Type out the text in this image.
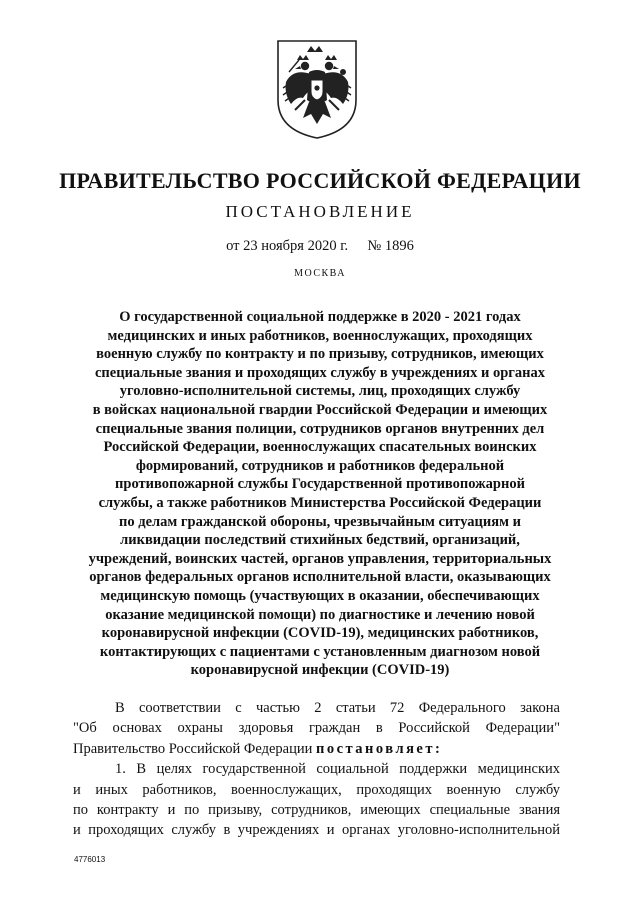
ПРАВИТЕЛЬСТВО РОССИЙСКОЙ ФЕДЕРАЦИИ
ПОСТАНОВЛЕНИЕ
от 23 ноября 2020 г. № 1896
МОСКВА
О государственной социальной поддержке в 2020 - 2021 годах
медицинских и иных работников, военнослужащих, проходящих
военную службу по контракту и по призыву, сотрудников, имеющих
специальные звания и проходящих службу в учреждениях и органах
уголовно-исполнительной системы, лиц, проходящих службу
в войсках национальной гвардии Российской Федерации и имеющих
специальные звания полиции, сотрудников органов внутренних дел
Российской Федерации, военнослужащих спасательных воинских
формирований, сотрудников и работников федеральной
противопожарной службы Государственной противопожарной
службы, а также работников Министерства Российской Федерации
по делам гражданской обороны, чрезвычайным ситуациям и
ликвидации последствий стихийных бедствий, организаций,
учреждений, воинских частей, органов управления, территориальных
органов федеральных органов исполнительной власти, оказывающих
медицинскую помощь (участвующих в оказании, обеспечивающих
оказание медицинской помощи) по диагностике и лечению новой
коронавирусной инфекции (COVID-19), медицинских работников,
контактирующих с пациентами с установленным диагнозом новой
коронавирусной инфекции (COVID-19)
В соответствии с частью 2 статьи 72 Федерального закона
"Об основах охраны здоровья граждан в Российской Федерации"
Правительство Российской Федерации постановляет:
1. В целях государственной социальной поддержки медицинских
и иных работников, военнослужащих, проходящих военную службу
по контракту и по призыву, сотрудников, имеющих специальные звания
и проходящих службу в учреждениях и органах уголовно-исполнительной
4776013
